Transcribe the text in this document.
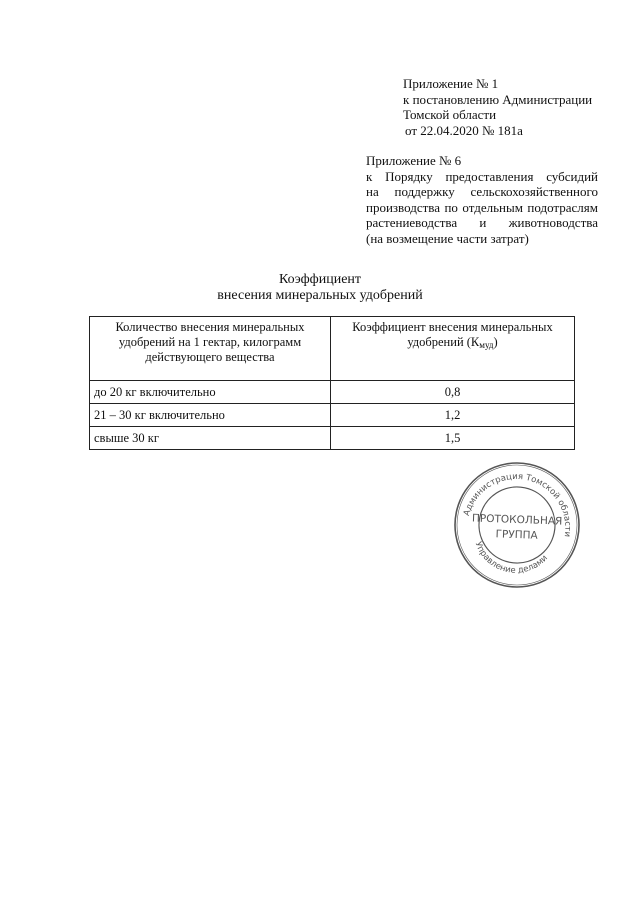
Приложение № 1
к постановлению Администрации
Томской области
от 22.04.2020 № 181а
Приложение № 6
к Порядку предоставления субсидий
на поддержку сельскохозяйственного
производства по отдельным подотраслям
растениеводства и животноводства
(на возмещение части затрат)
Коэффициент
внесения минеральных удобрений
Количество внесения минеральных удобрений на 1 гектар, килограмм действующего вещества	Коэффициент внесения минеральных удобрений $(К_{муд})$
до 20 кг включительно	0,8
21 – 30 кг включительно	1,2
свыше 30 кг	1,5
Администрация Томской области
Управление делами
ПРОТОКОЛЬНАЯ
ГРУППА
